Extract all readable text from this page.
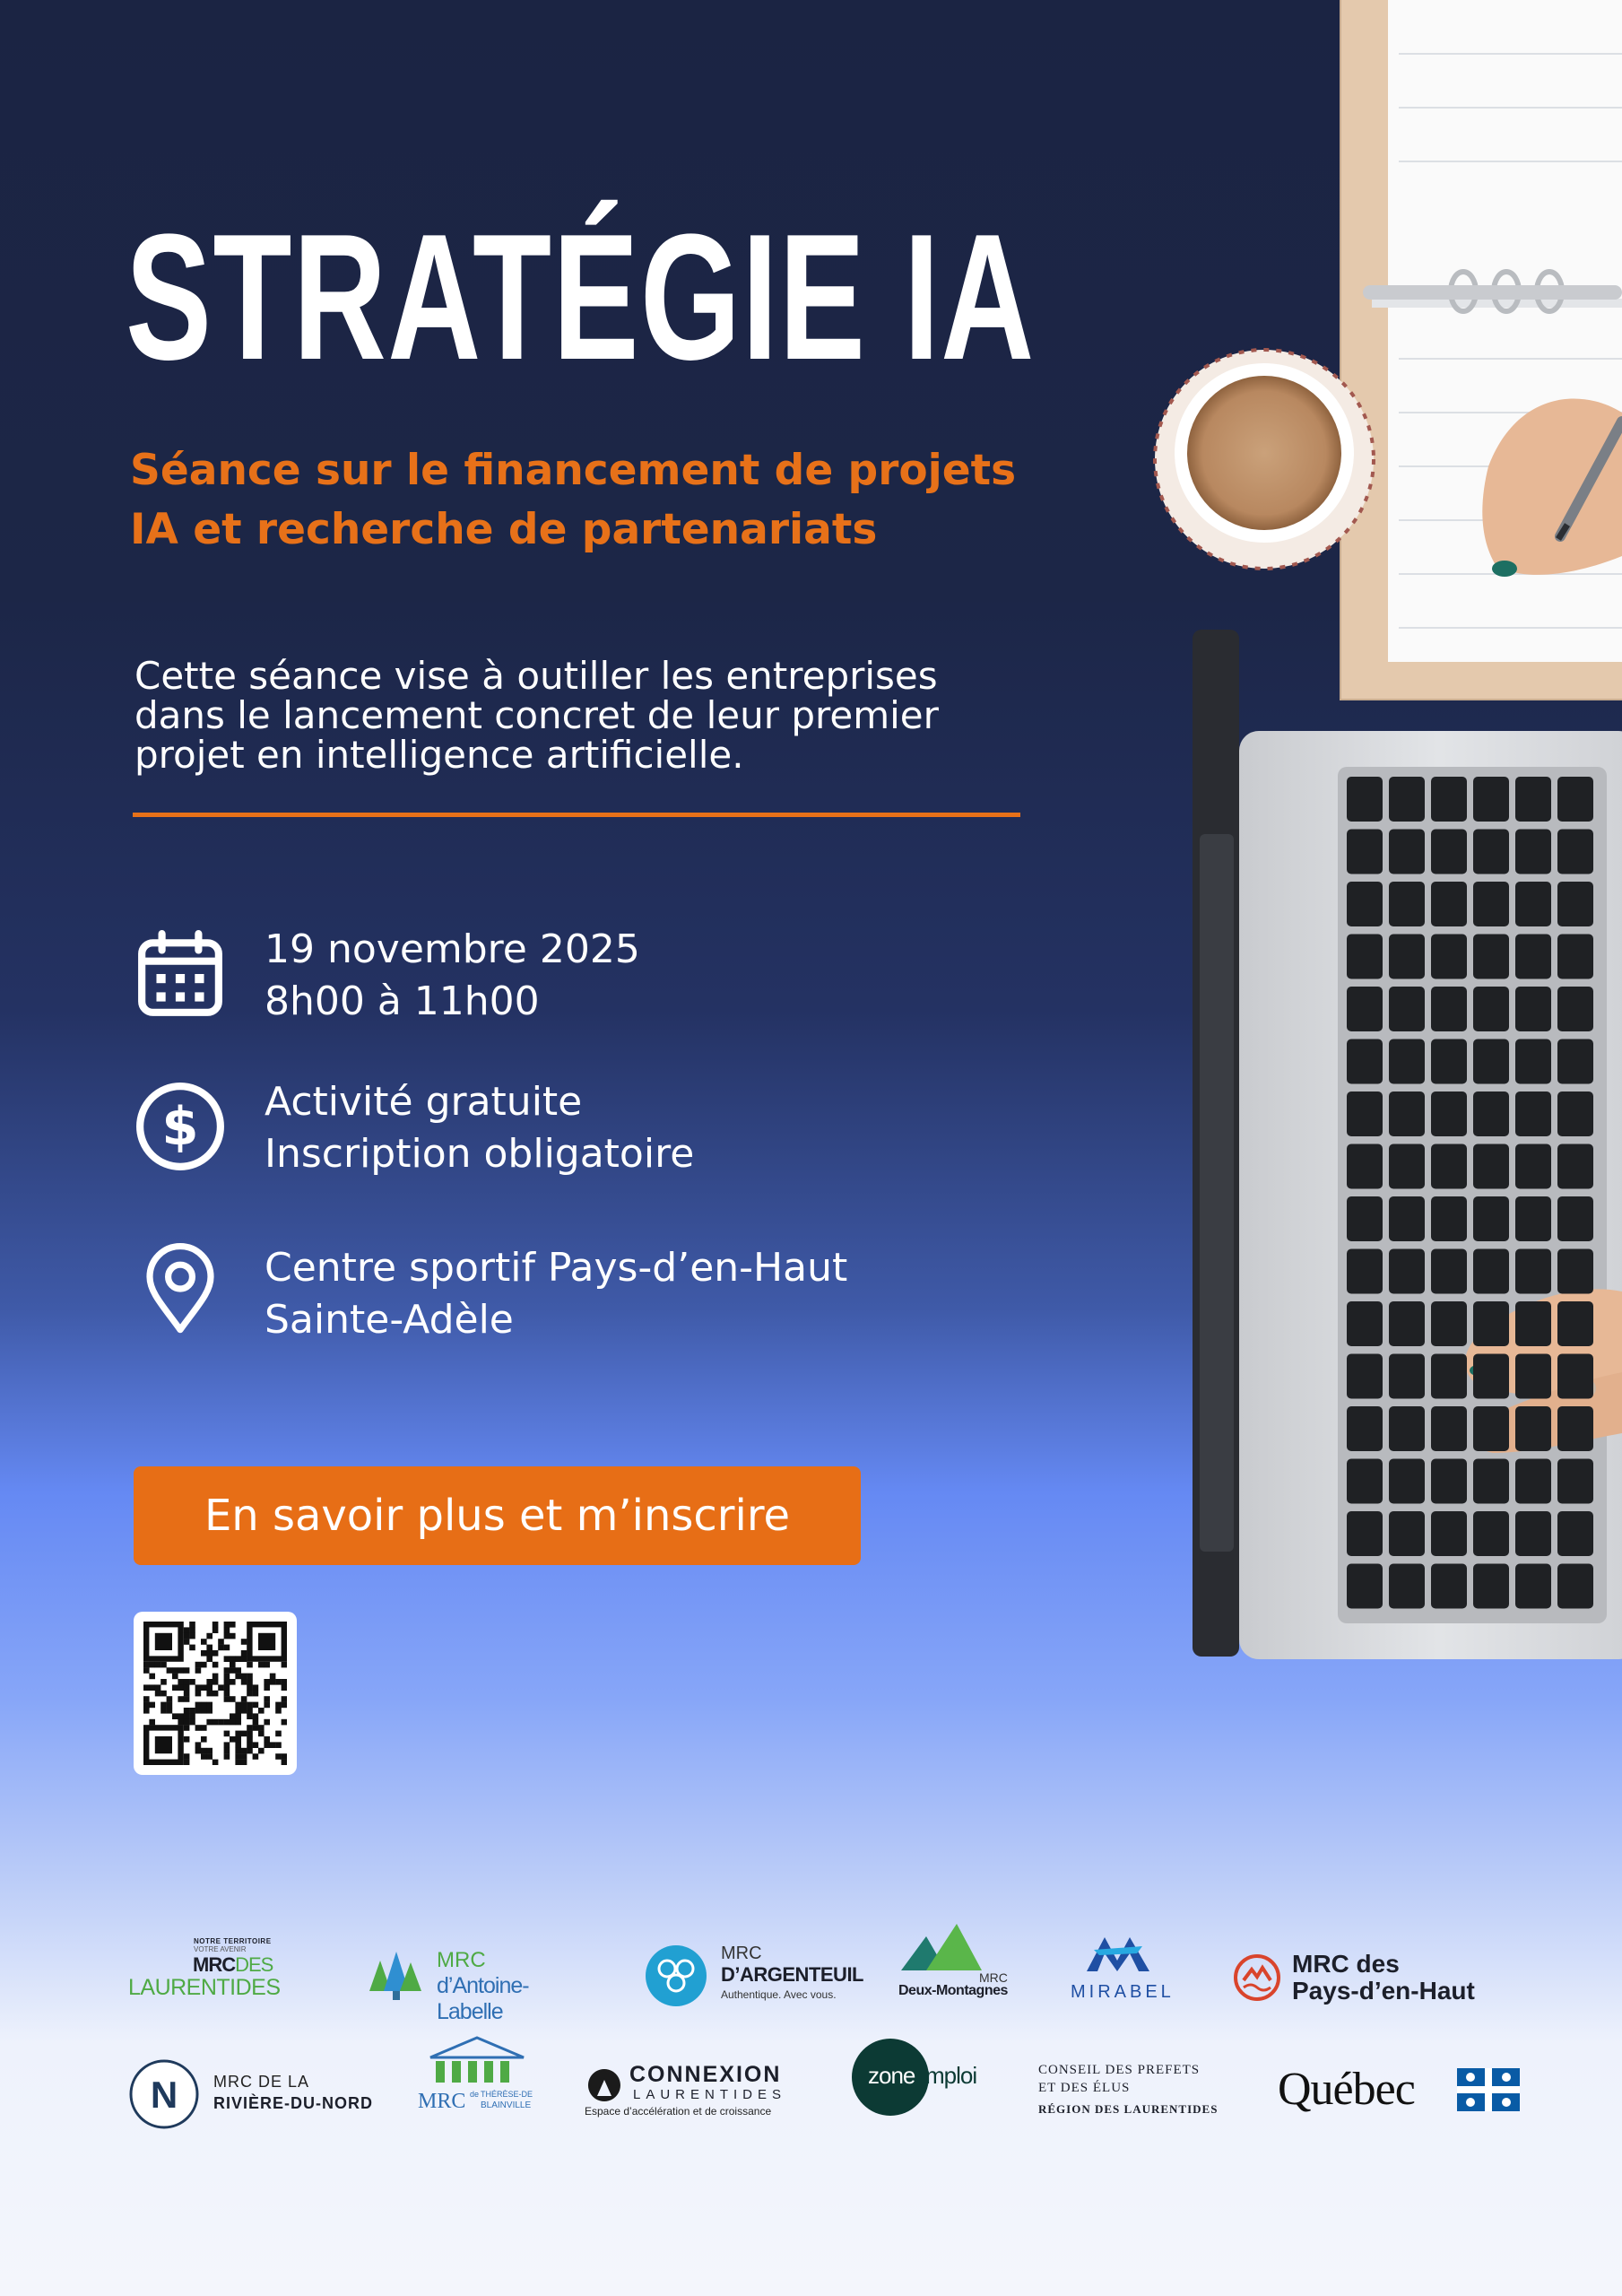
STRATÉGIE IA

Séance sur le financement de projets
IA et recherche de partenariats

Cette séance vise à outiller les entreprises
dans le lancement concret de leur premier
projet en intelligence artificielle.

19 novembre 2025
8h00 à 11h00
$ Activité gratuite
Inscription obligatoire
Centre sportif Pays-d’en-Haut
Sainte-Adèle
En savoir plus et m’inscrire
NOTRE TERRITOIRE
VOTRE AVENIR
MRCDES
LAURENTIDES
MRC
d’Antoine-Labelle
MRC
D’ARGENTEUIL
Authentique. Avec vous.
MRC
Deux-Montagnes	MIRABEL
MRC des
Pays-d’en-Haut
N MRC DE LA
RIVIÈRE-DU-NORD MRC de THÉRÈSE-DE
BLAINVILLE
CONNEXION
LAURENTIDES
Espace d’accélération et de croissance
zone mploi	CONSEIL DES PREFETS
ET DES ÉLUS
RÉGION DES LAURENTIDES Québec
